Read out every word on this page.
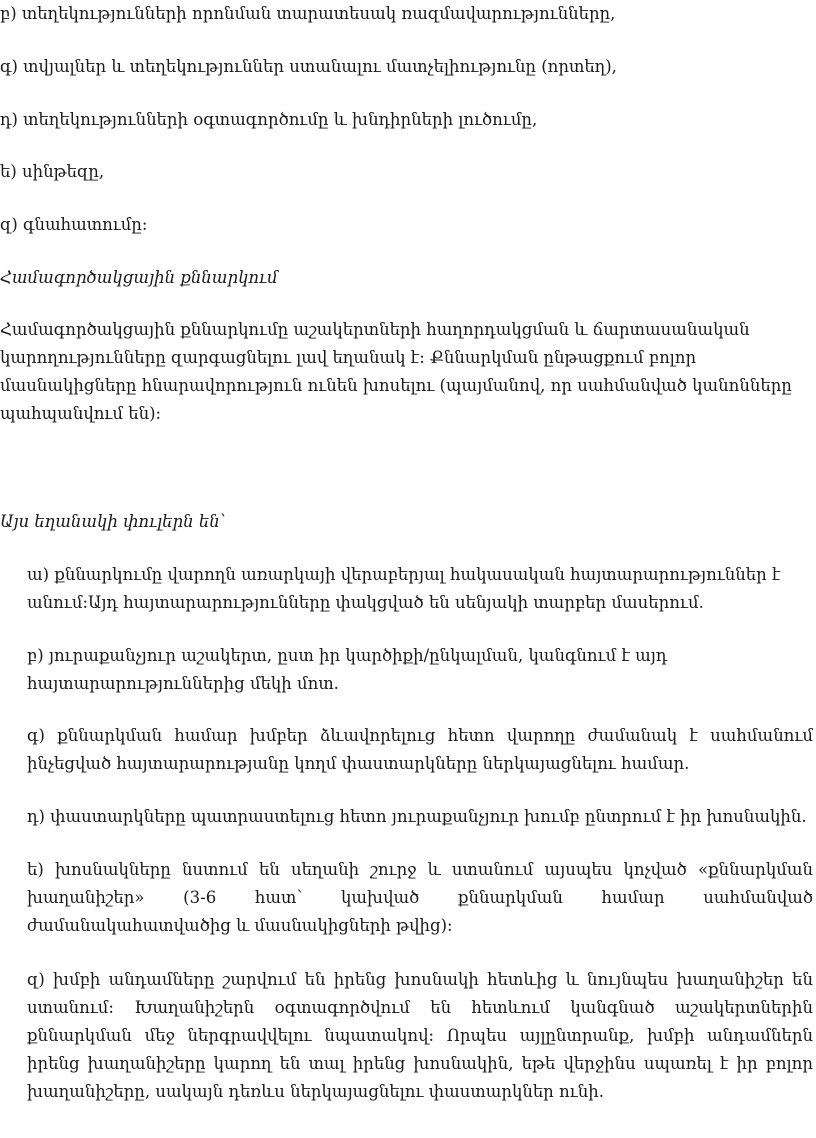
բ) տեղեկությունների որոնման տարատեսակ ռազմավարությունները,

գ) տվյալներ և տեղեկություններ ստանալու մատչելիությունը (որտեղ),

դ) տեղեկությունների օգտագործումը և խնդիրների լուծումը,

ե) սինթեզը,

զ) գնահատումը:

Համագործակցային քննարկում

Համագործակցային քննարկումը աշակերտների հաղորդակցման և ճարտասանական կարողությունները զարգացնելու լավ եղանակ է: Քննարկման ընթացքում բոլոր մասնակիցները հնարավորություն ունեն խոսելու (պայմանով, որ սահմանված կանոնները պահպանվում են):

Այս եղանակի փուլերն են՝

ա) քննարկումը վարողն առարկայի վերաբերյալ հակասական հայտարարություններ է անում:Այդ հայտարարությունները փակցված են սենյակի տարբեր մասերում.

բ) յուրաքանչյուր աշակերտ, ըստ իր կարծիքի/ընկալման, կանգնում է այդ հայտարարություններից մեկի մոտ.

գ) քննարկման համար խմբեր ձևավորելուց հետո վարողը ժամանակ է սահմանում ինչեցված հայտարարությանը կողմ փաստարկները ներկայացնելու համար.

դ) փաստարկները պատրաստելուց հետո յուրաքանչյուր խումբ ընտրում է իր խոսնակին.

ե) խոսնակները նստում են սեղանի շուրջ և ստանում այսպես կոչված «քննարկման խաղանիշեր» (3-6 հատ՝ կախված քննարկման համար սահմանված ժամանակահատվածից և մասնակիցների թվից):

զ) խմբի անդամները շարվում են իրենց խոսնակի հետևից և նույնպես խաղանիշեր են ստանում: Խաղանիշերն օգտագործվում են հետևում կանգնած աշակերտներին քննարկման մեջ ներգրավվելու նպատակով: Որպես այլընտրանք, խմբի անդամներն իրենց խաղանիշերը կարող են տալ իրենց խոսնակին, եթե վերջինս սպառել է իր բոլոր խաղանիշերը, սակայն դեռևս ներկայացնելու փաստարկներ ունի.
